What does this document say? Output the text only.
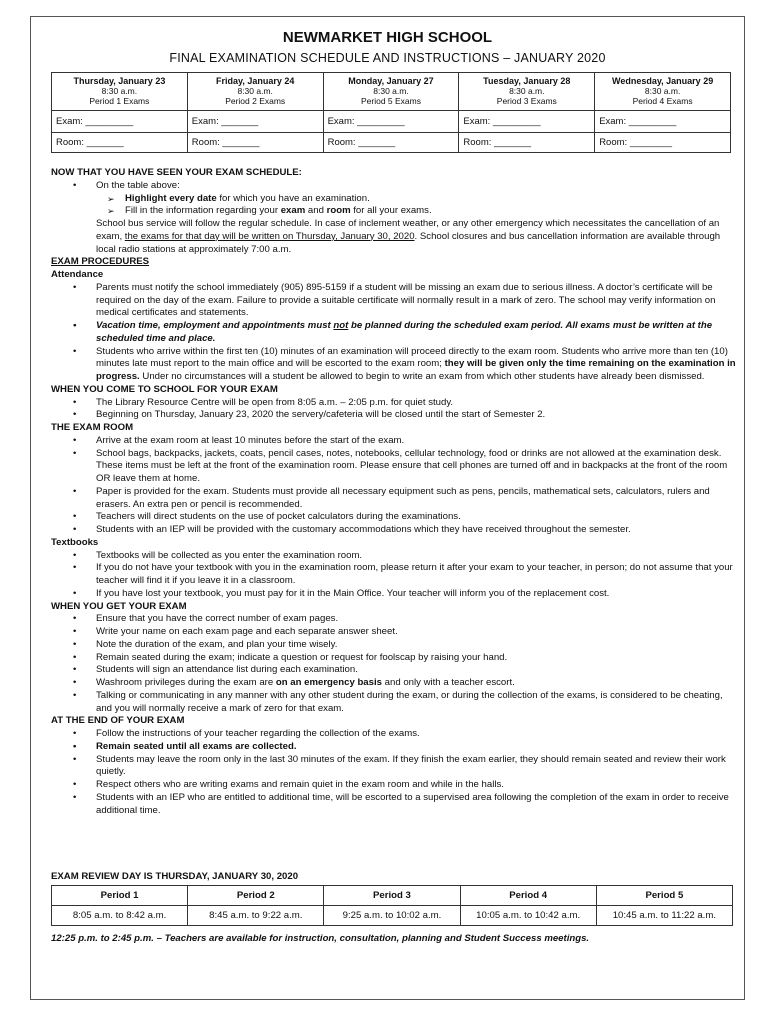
NEWMARKET HIGH SCHOOL
FINAL EXAMINATION SCHEDULE AND INSTRUCTIONS – JANUARY 2020
Thursday, January 23
8:30 a.m.
Period 1 Exams	Friday, January 24
8:30 a.m.
Period 2 Exams	Monday, January 27
8:30 a.m.
Period 5 Exams	Tuesday, January 28
8:30 a.m.
Period 3 Exams	Wednesday, January 29
8:30 a.m.
Period 4 Exams
Exam: _________	Exam: _______	Exam: _________	Exam: _________	Exam: _________
Room: _______	Room: _______	Room: _______	Room: _______	Room: ________
NOW THAT YOU HAVE SEEN YOUR EXAM SCHEDULE:
• On the table above:
➢ Highlight every date for which you have an examination.
➢ Fill in the information regarding your exam and room for all your exams.
School bus service will follow the regular schedule. In case of inclement weather, or any other emergency which necessitates the cancellation of an exam, the exams for that day will be written on Thursday, January 30, 2020. School closures and bus cancellation information are available through local radio stations at approximately 7:00 a.m.
EXAM PROCEDURES
Attendance
• Parents must notify the school immediately (905) 895-5159 if a student will be missing an exam due to serious illness. A doctor’s certificate will be required on the day of the exam. Failure to provide a suitable certificate will normally result in a mark of zero. The school may verify information on medical certificates and statements.
• Vacation time, employment and appointments must not be planned during the scheduled exam period. All exams must be written at the scheduled time and place.
• Students who arrive within the first ten (10) minutes of an examination will proceed directly to the exam room. Students who arrive more than ten (10) minutes late must report to the main office and will be escorted to the exam room; they will be given only the time remaining on the examination in progress. Under no circumstances will a student be allowed to begin to write an exam from which other students have already been dismissed.
WHEN YOU COME TO SCHOOL FOR YOUR EXAM
• The Library Resource Centre will be open from 8:05 a.m. – 2:05 p.m. for quiet study.
• Beginning on Thursday, January 23, 2020 the servery/cafeteria will be closed until the start of Semester 2.
THE EXAM ROOM
• Arrive at the exam room at least 10 minutes before the start of the exam.
• School bags, backpacks, jackets, coats, pencil cases, notes, notebooks, cellular technology, food or drinks are not allowed at the examination desk. These items must be left at the front of the examination room. Please ensure that cell phones are turned off and in backpacks at the front of the room OR leave them at home.
• Paper is provided for the exam. Students must provide all necessary equipment such as pens, pencils, mathematical sets, calculators, rulers and erasers. An extra pen or pencil is recommended.
• Teachers will direct students on the use of pocket calculators during the examinations.
• Students with an IEP will be provided with the customary accommodations which they have received throughout the semester.
Textbooks
• Textbooks will be collected as you enter the examination room.
• If you do not have your textbook with you in the examination room, please return it after your exam to your teacher, in person; do not assume that your teacher will find it if you leave it in a classroom.
• If you have lost your textbook, you must pay for it in the Main Office. Your teacher will inform you of the replacement cost.
WHEN YOU GET YOUR EXAM
• Ensure that you have the correct number of exam pages.
• Write your name on each exam page and each separate answer sheet.
• Note the duration of the exam, and plan your time wisely.
• Remain seated during the exam; indicate a question or request for foolscap by raising your hand.
• Students will sign an attendance list during each examination.
• Washroom privileges during the exam are on an emergency basis and only with a teacher escort.
• Talking or communicating in any manner with any other student during the exam, or during the collection of the exams, is considered to be cheating, and you will normally receive a mark of zero for that exam.
AT THE END OF YOUR EXAM
• Follow the instructions of your teacher regarding the collection of the exams.
• Remain seated until all exams are collected.
• Students may leave the room only in the last 30 minutes of the exam. If they finish the exam earlier, they should remain seated and review their work quietly.
• Respect others who are writing exams and remain quiet in the exam room and while in the halls.
• Students with an IEP who are entitled to additional time, will be escorted to a supervised area following the completion of the exam in order to receive additional time.
EXAM REVIEW DAY IS THURSDAY, JANUARY 30, 2020
Period 1	Period 2	Period 3	Period 4	Period 5
8:05 a.m. to 8:42 a.m.	8:45 a.m. to 9:22 a.m.	9:25 a.m. to 10:02 a.m.	10:05 a.m. to 10:42 a.m.	10:45 a.m. to 11:22 a.m.
12:25 p.m. to 2:45 p.m. – Teachers are available for instruction, consultation, planning and Student Success meetings.
